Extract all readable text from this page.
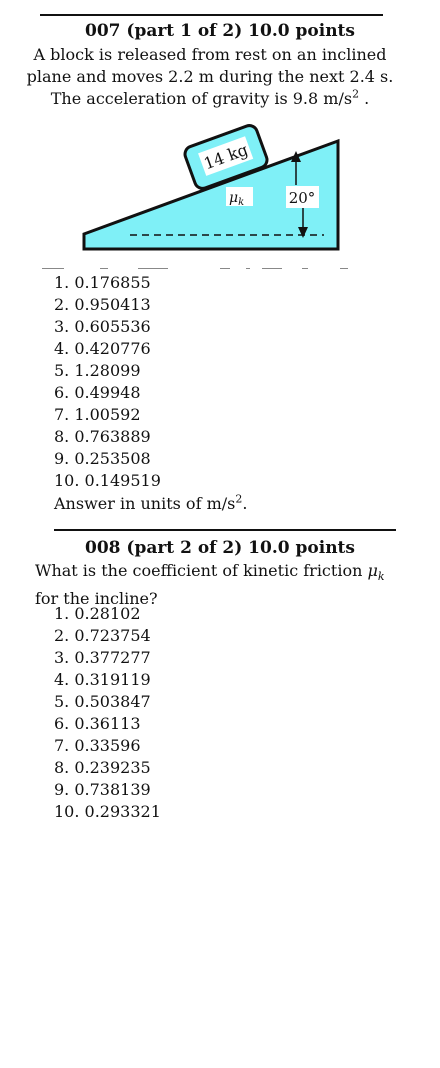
007 (part 1 of 2) 10.0 points
A block is released from rest on an inclined
plane and moves 2.2 m during the next 2.4 s.
The acceleration of gravity is 9.8 $m/s^2$ .
14 kg
$\mu_k$	20°
1. 0.176855
2. 0.950413
3. 0.605536
4. 0.420776
5. 1.28099
6. 0.49948
7. 1.00592
8. 0.763889
9. 0.253508
10. 0.149519
Answer in units of $m/s^2$.
008 (part 2 of 2) 10.0 points
What is the coefficient of kinetic friction $\mu_k$
for the incline?
1. 0.28102
2. 0.723754
3. 0.377277
4. 0.319119
5. 0.503847
6. 0.36113
7. 0.33596
8. 0.239235
9. 0.738139
10. 0.293321
